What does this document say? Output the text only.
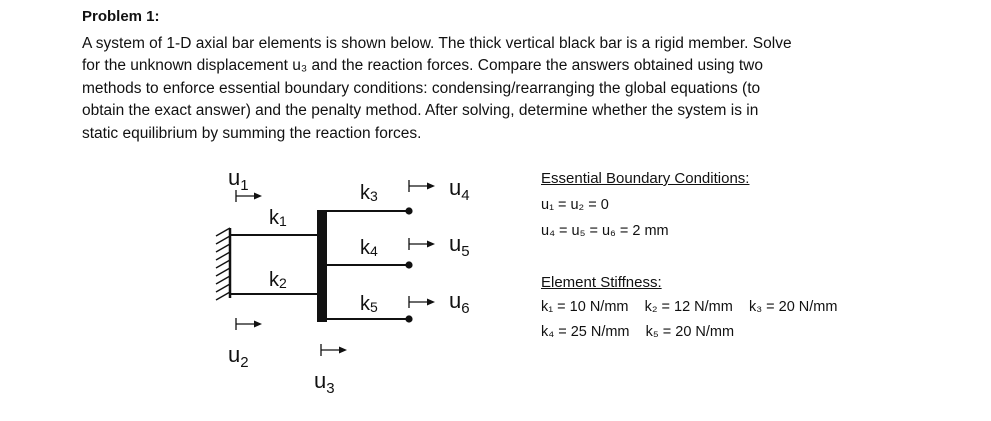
Problem 1:
A system of 1-D axial bar elements is shown below. The thick vertical black bar is a rigid member. Solve
for the unknown displacement u₃ and the reaction forces. Compare the answers obtained using two
methods to enforce essential boundary conditions: condensing/rearranging the global equations (to
obtain the exact answer) and the penalty method. After solving, determine whether the system is in
static equilibrium by summing the reaction forces.
$u_1$
$u_2$
$u_3$
$u_4$
$u_5$
$u_6$
k1
k2
k3
k4
k5
Essential Boundary Conditions:
u₁ = u₂ = 0
u₄ = u₅ = u₆ = 2 mm
Element Stiffness:
k₁ = 10 N/mm k₂ = 12 N/mm k₃ = 20 N/mm
k₄ = 25 N/mm k₅ = 20 N/mm
